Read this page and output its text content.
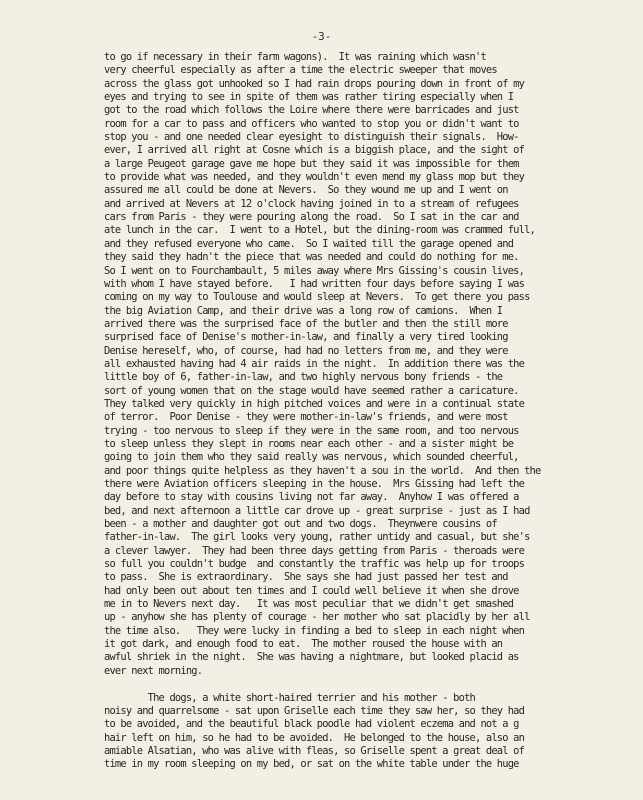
-3-
to go if necessary in their farm wagons).  It was raining which wasn't
very cheerful especially as after a time the electric sweeper that moves
across the glass got unhooked so I had rain drops pouring down in front of my
eyes and trying to see in spite of them was rather tiring especially when I
got to the road which follows the Loire where there were barricades and just
room for a car to pass and officers who wanted to stop you or didn't want to
stop you - and one needed clear eyesight to distinguish their signals.  How-
ever, I arrived all right at Cosne which is a biggish place, and the sight of
a large Peugeot garage gave me hope but they said it was impossible for them
to provide what was needed, and they wouldn't even mend my glass mop but they
assured me all could be done at Nevers.  So they wound me up and I went on
and arrived at Nevers at 12 o'clock having joined in to a stream of refugees
cars from Paris - they were pouring along the road.  So I sat in the car and
ate lunch in the car.  I went to a Hotel, but the dining-room was crammed full,
and they refused everyone who came.  So I waited till the garage opened and
they said they hadn't the piece that was needed and could do nothing for me.
So I went on to Fourchambault, 5 miles away where Mrs Gissing's cousin lives,
with whom I have stayed before.   I had written four days before saying I was
coming on my way to Toulouse and would sleep at Nevers.  To get there you pass
the big Aviation Camp, and their drive was a long row of camions.  When I
arrived there was the surprised face of the butler and then the still more
surprised face of Denise's mother-in-law, and finally a very tired looking
Denise hereself, who, of course, had had no letters from me, and they were
all exhausted having had 4 air raids in the night.  In addition there was the
little boy of 6, father-in-law, and two highly nervous bony friends - the
sort of young women that on the stage would have seemed rather a caricature.
They talked very quickly in high pitched voices and were in a continual state
of terror.  Poor Denise - they were mother-in-law's friends, and were most
trying - too nervous to sleep if they were in the same room, and too nervous
to sleep unless they slept in rooms near each other - and a sister might be
going to join them who they said really was nervous, which sounded cheerful,
and poor things quite helpless as they haven't a sou in the world.  And then the
there were Aviation officers sleeping in the house.  Mrs Gissing had left the
day before to stay with cousins living not far away.  Anyhow I was offered a
bed, and next afternoon a little car drove up - great surprise - just as I had
been - a mother and daughter got out and two dogs.  Theynwere cousins of
father-in-law.  The girl looks very young, rather untidy and casual, but she's
a clever lawyer.  They had been three days getting from Paris - theroads were
so full you couldn't budge  and constantly the traffic was help up for troops
to pass.  She is extraordinary.  She says she had just passed her test and
had only been out about ten times and I could well believe it when she drove
me in to Nevers next day.   It was most peculiar that we didn't get smashed
up - anyhow she has plenty of courage - her mother who sat placidly by her all
the time also.   They were lucky in finding a bed to sleep in each night when
it got dark, and enough food to eat.  The mother roused the house with an
awful shriek in the night.  She was having a nightmare, but looked placid as
ever next morning.
The dogs, a white short-haired terrier and his mother - both
noisy and quarrelsome - sat upon Griselle each time they saw her, so they had
to be avoided, and the beautiful black poodle had violent eczema and not a g
hair left on him, so he had to be avoided.  He belonged to the house, also an
amiable Alsatian, who was alive with fleas, so Griselle spent a great deal of
time in my room sleeping on my bed, or sat on the white table under the huge
